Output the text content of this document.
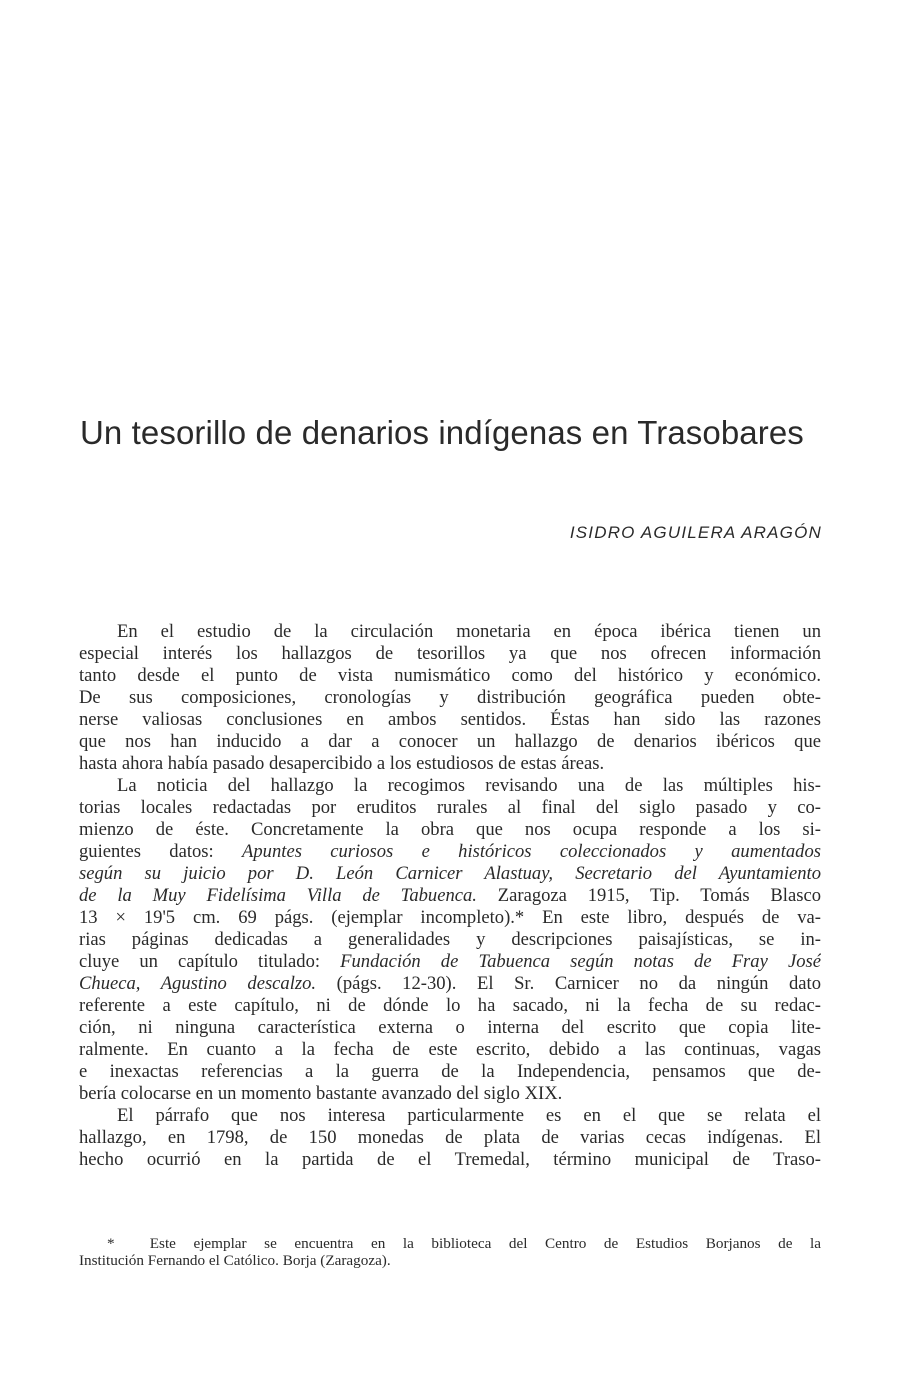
Un tesorillo de denarios indígenas en Trasobares
ISIDRO AGUILERA ARAGÓN
En el estudio de la circulación monetaria en época ibérica tienen un
especial interés los hallazgos de tesorillos ya que nos ofrecen información
tanto desde el punto de vista numismático como del histórico y económico.
De sus composiciones, cronologías y distribución geográfica pueden obte-
nerse valiosas conclusiones en ambos sentidos. Éstas han sido las razones
que nos han inducido a dar a conocer un hallazgo de denarios ibéricos que
hasta ahora había pasado desapercibido a los estudiosos de estas áreas.
La noticia del hallazgo la recogimos revisando una de las múltiples his-
torias locales redactadas por eruditos rurales al final del siglo pasado y co-
mienzo de éste. Concretamente la obra que nos ocupa responde a los si-
guientes datos: Apuntes curiosos e históricos coleccionados y aumentados
según su juicio por D. León Carnicer Alastuay, Secretario del Ayuntamiento
de la Muy Fidelísima Villa de Tabuenca. Zaragoza 1915, Tip. Tomás Blasco
13 × 19'5 cm. 69 págs. (ejemplar incompleto).* En este libro, después de va-
rias páginas dedicadas a generalidades y descripciones paisajísticas, se in-
cluye un capítulo titulado: Fundación de Tabuenca según notas de Fray José
Chueca, Agustino descalzo. (págs. 12-30). El Sr. Carnicer no da ningún dato
referente a este capítulo, ni de dónde lo ha sacado, ni la fecha de su redac-
ción, ni ninguna característica externa o interna del escrito que copia lite-
ralmente. En cuanto a la fecha de este escrito, debido a las continuas, vagas
e inexactas referencias a la guerra de la Independencia, pensamos que de-
bería colocarse en un momento bastante avanzado del siglo XIX.
El párrafo que nos interesa particularmente es en el que se relata el
hallazgo, en 1798, de 150 monedas de plata de varias cecas indígenas. El
hecho ocurrió en la partida de el Tremedal, término municipal de Traso-
* Este ejemplar se encuentra en la biblioteca del Centro de Estudios Borjanos de la
Institución Fernando el Católico. Borja (Zaragoza).
